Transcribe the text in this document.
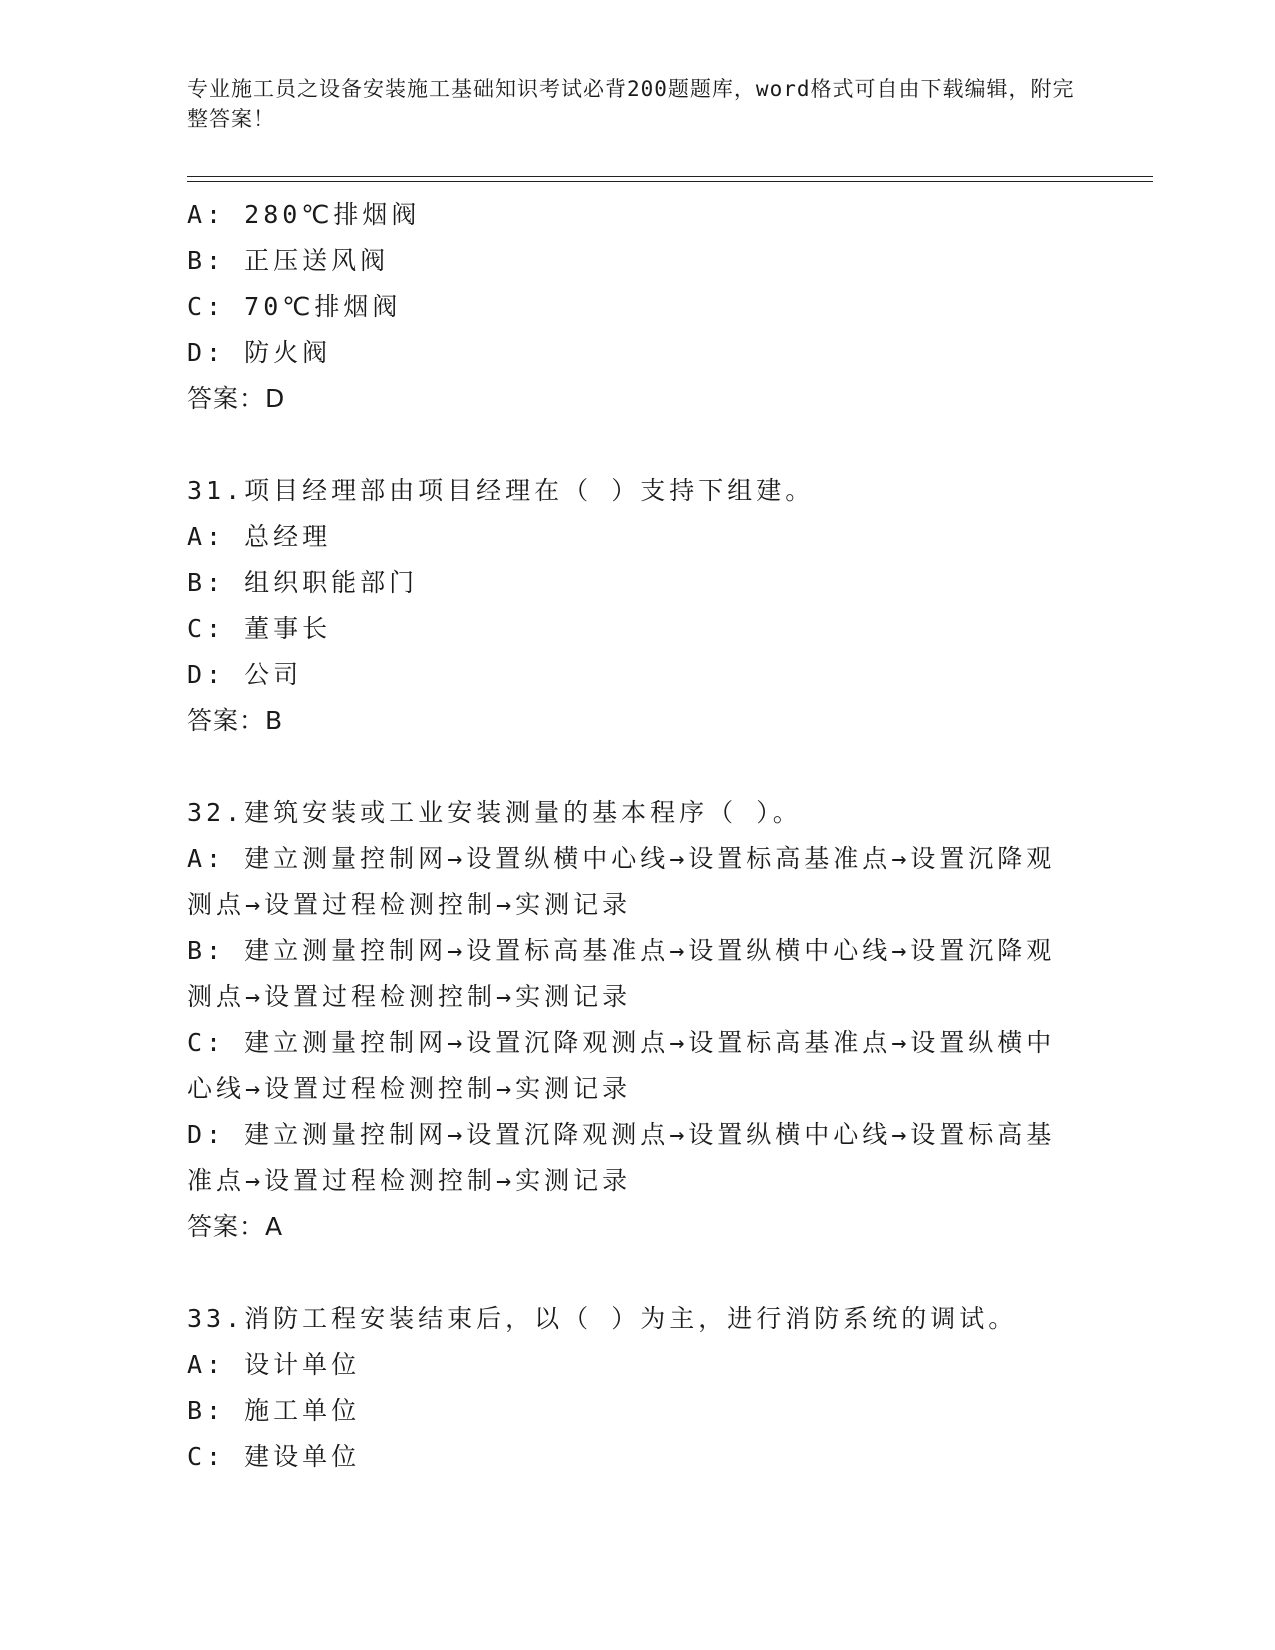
专业施工员之设备安装施工基础知识考试必背200题题库，word格式可自由下载编辑，附完整答案！
A: 280℃排烟阀
B: 正压送风阀
C: 70℃排烟阀
D: 防火阀
答案：D
31.项目经理部由项目经理在（ ）支持下组建。
A: 总经理
B: 组织职能部门
C: 董事长
D: 公司
答案：B
32.建筑安装或工业安装测量的基本程序（ ）。
A: 建立测量控制网→设置纵横中心线→设置标高基准点→设置沉降观测点→设置过程检测控制→实测记录
B: 建立测量控制网→设置标高基准点→设置纵横中心线→设置沉降观测点→设置过程检测控制→实测记录
C: 建立测量控制网→设置沉降观测点→设置标高基准点→设置纵横中心线→设置过程检测控制→实测记录
D: 建立测量控制网→设置沉降观测点→设置纵横中心线→设置标高基准点→设置过程检测控制→实测记录
答案：A
33.消防工程安装结束后，以（ ）为主，进行消防系统的调试。
A: 设计单位
B: 施工单位
C: 建设单位
